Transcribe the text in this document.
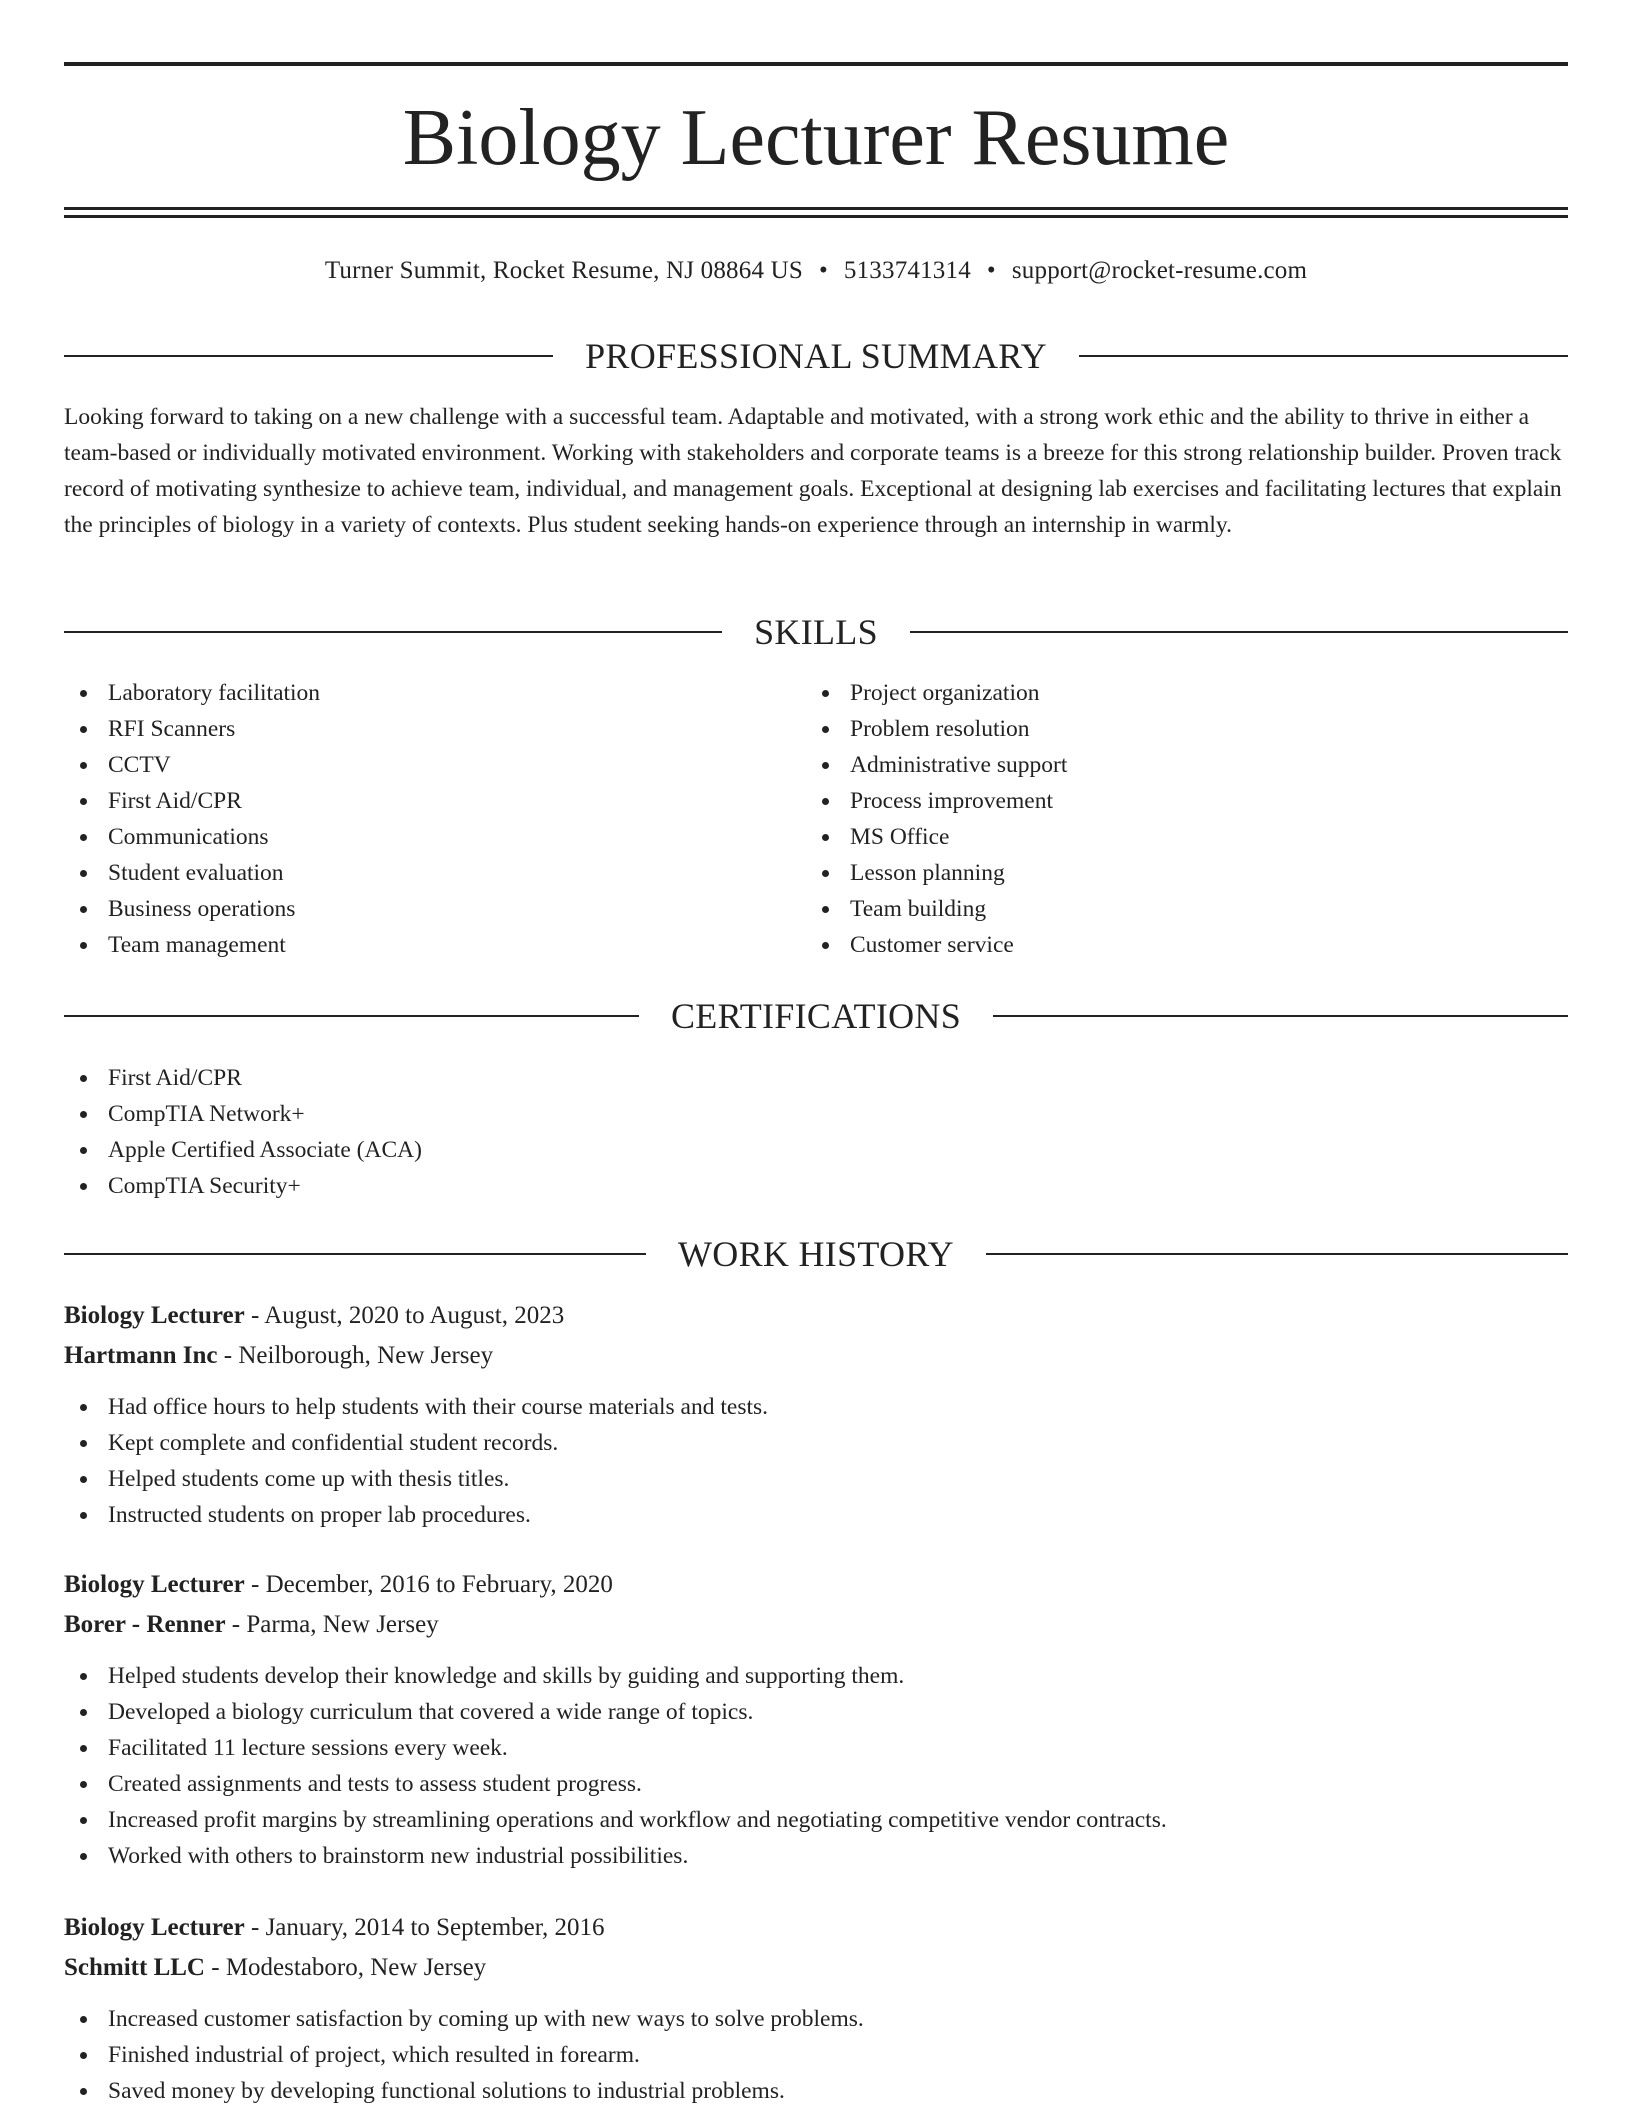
Biology Lecturer Resume
Turner Summit, Rocket Resume, NJ 08864 US • 5133741314 • support@rocket-resume.com
PROFESSIONAL SUMMARY

Looking forward to taking on a new challenge with a successful team. Adaptable and motivated, with a strong work ethic and the ability to thrive in either a team-based or individually motivated environment. Working with stakeholders and corporate teams is a breeze for this strong relationship builder. Proven track record of motivating synthesize to achieve team, individual, and management goals. Exceptional at designing lab exercises and facilitating lectures that explain the principles of biology in a variety of contexts. Plus student seeking hands-on experience through an internship in warmly.

SKILLS
Laboratory facilitation
RFI Scanners
CCTV
First Aid/CPR
Communications
Student evaluation
Business operations
Team management
Project organization
Problem resolution
Administrative support
Process improvement
MS Office
Lesson planning
Team building
Customer service
CERTIFICATIONS
First Aid/CPR
CompTIA Network+
Apple Certified Associate (ACA)
CompTIA Security+
WORK HISTORY
Biology Lecturer - August, 2020 to August, 2023
Hartmann Inc - Neilborough, New Jersey
Had office hours to help students with their course materials and tests.
Kept complete and confidential student records.
Helped students come up with thesis titles.
Instructed students on proper lab procedures.
Biology Lecturer - December, 2016 to February, 2020
Borer - Renner - Parma, New Jersey
Helped students develop their knowledge and skills by guiding and supporting them.
Developed a biology curriculum that covered a wide range of topics.
Facilitated 11 lecture sessions every week.
Created assignments and tests to assess student progress.
Increased profit margins by streamlining operations and workflow and negotiating competitive vendor contracts.
Worked with others to brainstorm new industrial possibilities.
Biology Lecturer - January, 2014 to September, 2016
Schmitt LLC - Modestaboro, New Jersey
Increased customer satisfaction by coming up with new ways to solve problems.
Finished industrial of project, which resulted in forearm.
Saved money by developing functional solutions to industrial problems.
